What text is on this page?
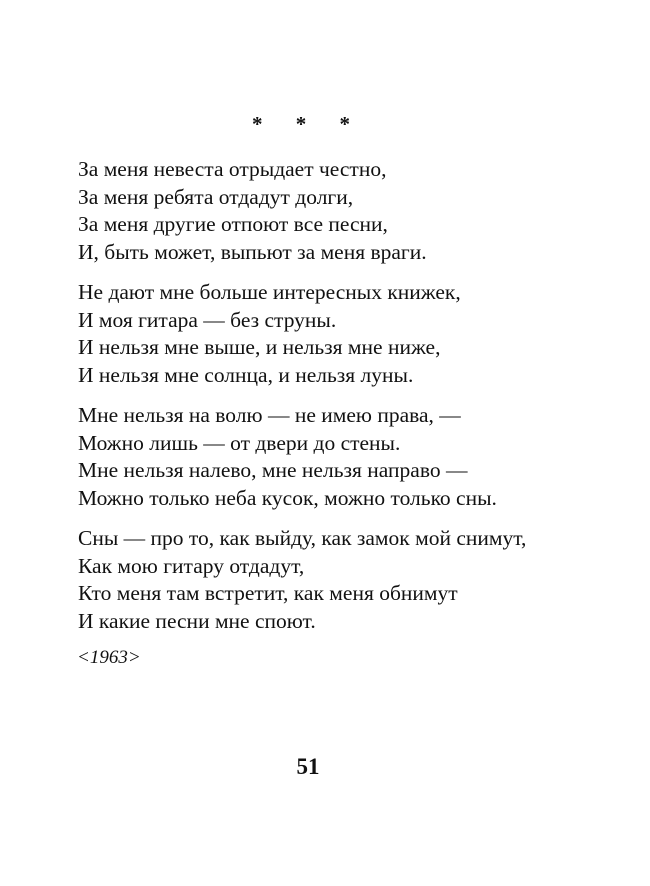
* * *
За меня невеста отрыдает честно,
За меня ребята отдадут долги,
За меня другие отпоют все песни,
И, быть может, выпьют за меня враги.
Не дают мне больше интересных книжек,
И моя гитара — без струны.
И нельзя мне выше, и нельзя мне ниже,
И нельзя мне солнца, и нельзя луны.
Мне нельзя на волю — не имею права, —
Можно лишь — от двери до стены.
Мне нельзя налево, мне нельзя направо —
Можно только неба кусок, можно только сны.
Сны — про то, как выйду, как замок мой снимут,
Как мою гитару отдадут,
Кто меня там встретит, как меня обнимут
И какие песни мне споют.
<1963>
51
